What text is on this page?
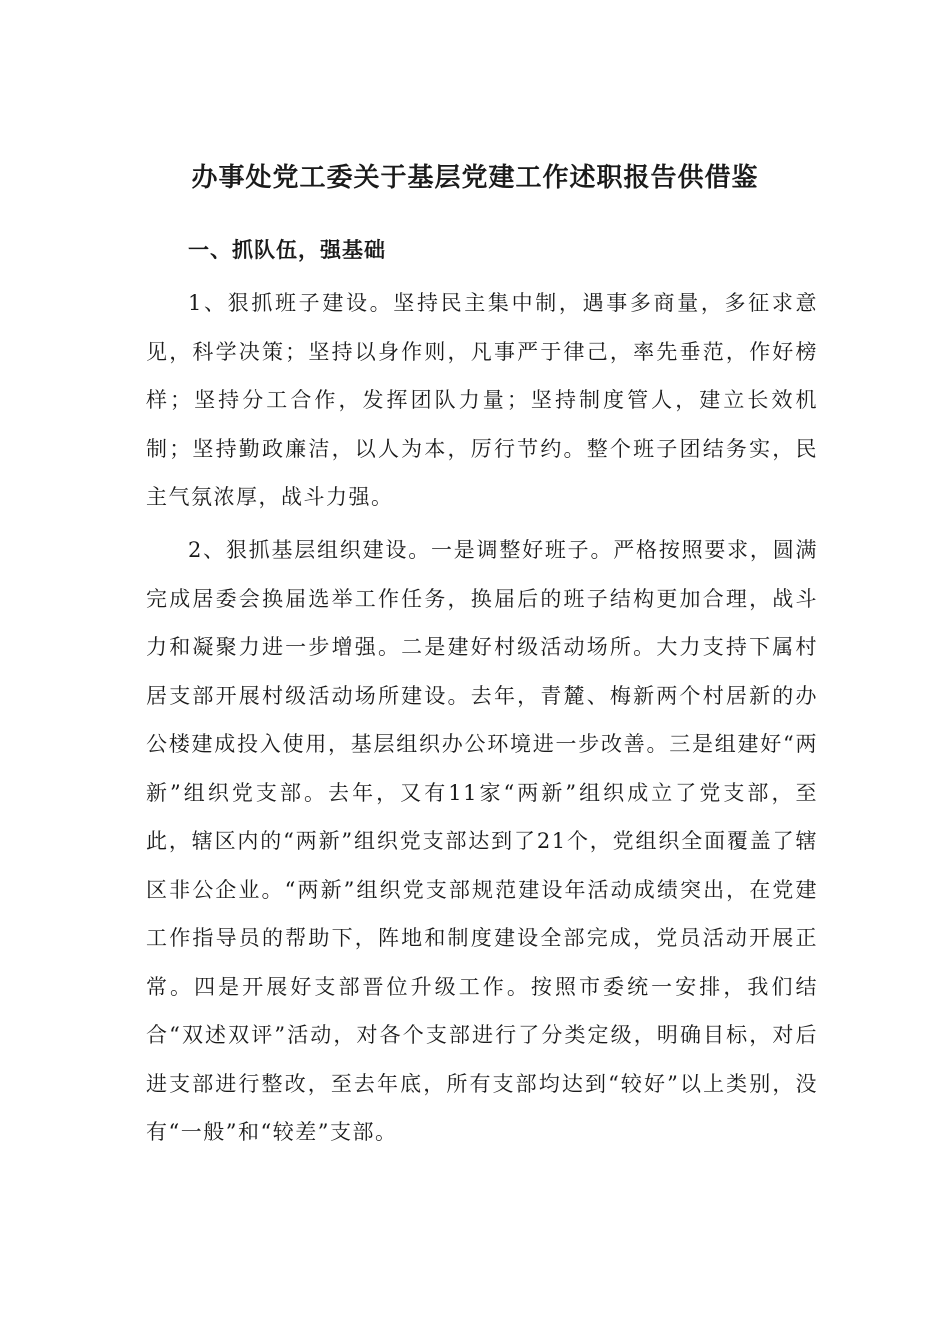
办事处党工委关于基层党建工作述职报告供借鉴
一、抓队伍，强基础

1、狠抓班子建设。坚持民主集中制，遇事多商量，多征求意见，科学决策；坚持以身作则，凡事严于律己，率先垂范，作好榜样；坚持分工合作，发挥团队力量；坚持制度管人，建立长效机制；坚持勤政廉洁，以人为本，厉行节约。整个班子团结务实，民主气氛浓厚，战斗力强。

2、狠抓基层组织建设。一是调整好班子。严格按照要求，圆满完成居委会换届选举工作任务，换届后的班子结构更加合理，战斗力和凝聚力进一步增强。二是建好村级活动场所。大力支持下属村居支部开展村级活动场所建设。去年，青麓、梅新两个村居新的办公楼建成投入使用，基层组织办公环境进一步改善。三是组建好“两新”组织党支部。去年，又有11家“两新”组织成立了党支部，至此，辖区内的“两新”组织党支部达到了21个，党组织全面覆盖了辖区非公企业。“两新”组织党支部规范建设年活动成绩突出，在党建工作指导员的帮助下，阵地和制度建设全部完成，党员活动开展正常。四是开展好支部晋位升级工作。按照市委统一安排，我们结合“双述双评”活动，对各个支部进行了分类定级，明确目标，对后进支部进行整改，至去年底，所有支部均达到“较好”以上类别，没有“一般”和“较差”支部。
